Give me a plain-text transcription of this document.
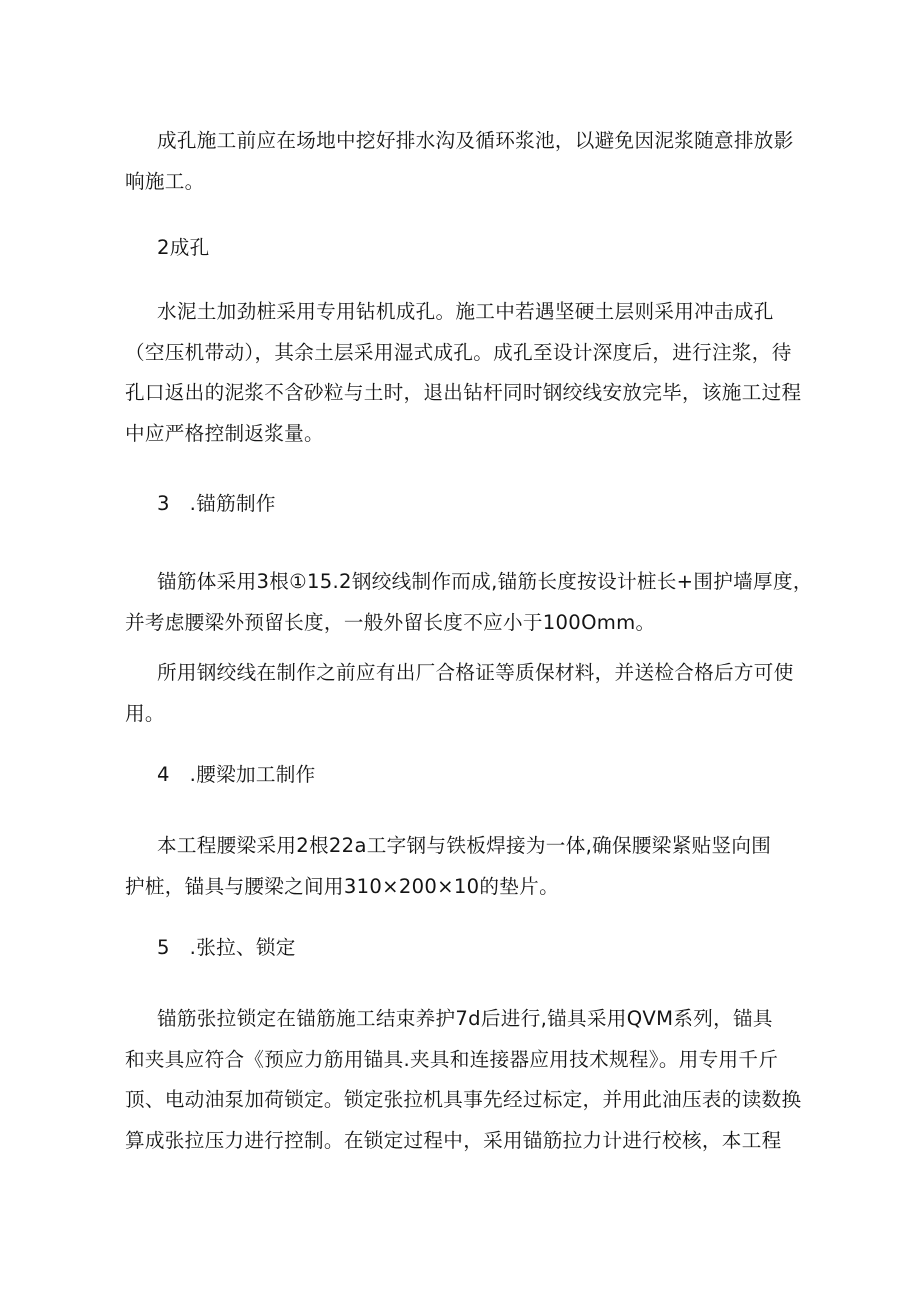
成孔施工前应在场地中挖好排水沟及循环浆池，以避免因泥浆随意排放影
响施工。
2成孔
水泥土加劲桩采用专用钻机成孔。施工中若遇坚硬土层则采用冲击成孔
（空压机带动），其余土层采用湿式成孔。成孔至设计深度后，进行注浆，待
孔口返出的泥浆不含砂粒与土时，退出钻杆同时钢绞线安放完毕，该施工过程
中应严格控制返浆量。
3　.锚筋制作
锚筋体采用3根①15.2钢绞线制作而成,锚筋长度按设计桩长+围护墙厚度，
并考虑腰梁外预留长度，一般外留长度不应小于100Omm。
所用钢绞线在制作之前应有出厂合格证等质保材料，并送检合格后方可使
用。
4　.腰梁加工制作
本工程腰梁采用2根22a工字钢与铁板焊接为一体,确保腰梁紧贴竖向围
护桩，锚具与腰梁之间用310×200×10的垫片。
5　.张拉、锁定
锚筋张拉锁定在锚筋施工结束养护7d后进行,锚具采用QVM系列，锚具
和夹具应符合《预应力筋用锚具.夹具和连接器应用技术规程》。用专用千斤
顶、电动油泵加荷锁定。锁定张拉机具事先经过标定，并用此油压表的读数换
算成张拉压力进行控制。在锁定过程中，采用锚筋拉力计进行校核，本工程
